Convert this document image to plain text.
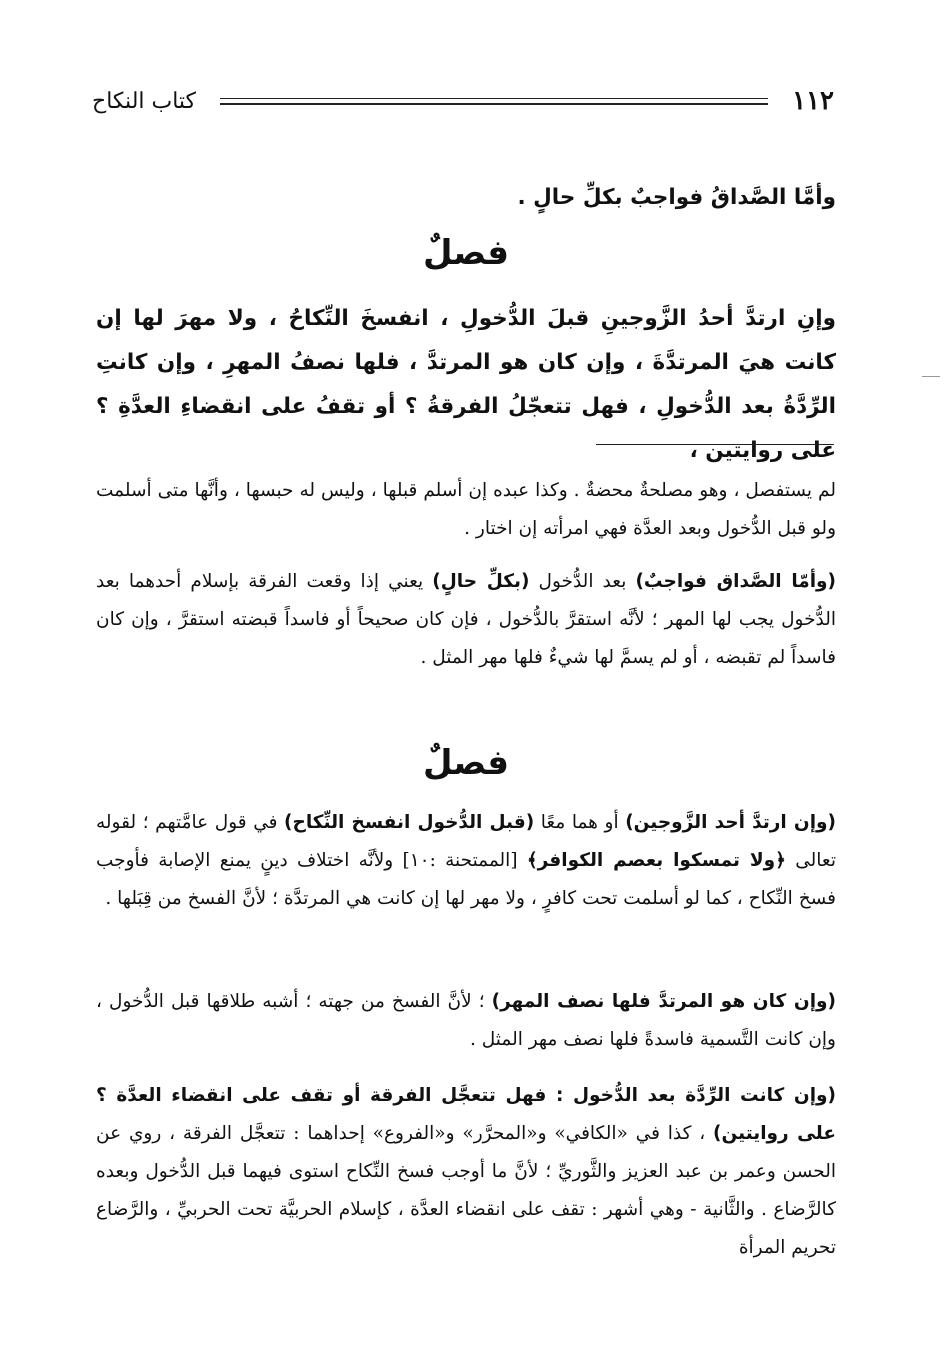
١١٢
كتاب النكاح
وأمَّا الصَّداقُ فواجبٌ بكلِّ حالٍ .
فصلٌ
وإنِ ارتدَّ أحدُ الزَّوجينِ قبلَ الدُّخولِ ، انفسخَ النِّكاحُ ، ولا مهرَ لها إن كانت هيَ المرتدَّةَ ، وإن كان هو المرتدَّ ، فلها نصفُ المهرِ ، وإن كانتِ الرِّدَّةُ بعد الدُّخولِ ، فهل تتعجّلُ الفرقةُ ؟ أو تقفُ على انقضاءِ العدَّةِ ؟ على روايتين ،
لم يستفصل ، وهو مصلحةٌ محضةٌ . وكذا عبده إن أسلم قبلها ، وليس له حبسها ، وأنَّها متى أسلمت ولو قبل الدُّخول وبعد العدَّة فهي امرأته إن اختار .
(وأمّا الصَّداق فواجبٌ) بعد الدُّخول (بكلِّ حالٍ) يعني إذا وقعت الفرقة بإسلام أحدهما بعد الدُّخول يجب لها المهر ؛ لأنَّه استقرَّ بالدُّخول ، فإن كان صحيحاً أو فاسداً قبضته استقرَّ ، وإن كان فاسداً لم تقبضه ، أو لم يسمَّ لها شيءٌ فلها مهر المثل .
فصلٌ
(وإن ارتدَّ أحد الزَّوجين) أو هما معًا (قبل الدُّخول انفسخ النِّكاح) في قول عامَّتهم ؛ لقوله تعالى ﴿ولا تمسكوا بعصم الكوافر﴾ [الممتحنة :١٠] ولأنَّه اختلاف دينٍ يمنع الإصابة فأوجب فسخ النِّكاح ، كما لو أسلمت تحت كافرٍ ، ولا مهر لها إن كانت هي المرتدَّة ؛ لأنَّ الفسخ من قِبَلها .
(وإن كان هو المرتدَّ فلها نصف المهر) ؛ لأنَّ الفسخ من جهته ؛ أشبه طلاقها قبل الدُّخول ، وإن كانت التَّسمية فاسدةً فلها نصف مهر المثل .
(وإن كانت الرِّدَّة بعد الدُّخول : فهل تتعجَّل الفرقة أو تقف على انقضاء العدَّة ؟ على روايتين) ، كذا في «الكافي» و«المحرَّر» و«الفروع» إحداهما : تتعجَّل الفرقة ، روي عن الحسن وعمر بن عبد العزيز والثَّوريِّ ؛ لأنَّ ما أوجب فسخ النِّكاح استوى فيهما قبل الدُّخول وبعده كالرَّضاع . والثَّانية - وهي أشهر : تقف على انقضاء العدَّة ، كإسلام الحربيَّة تحت الحربيِّ ، والرَّضاع تحريم المرأة
